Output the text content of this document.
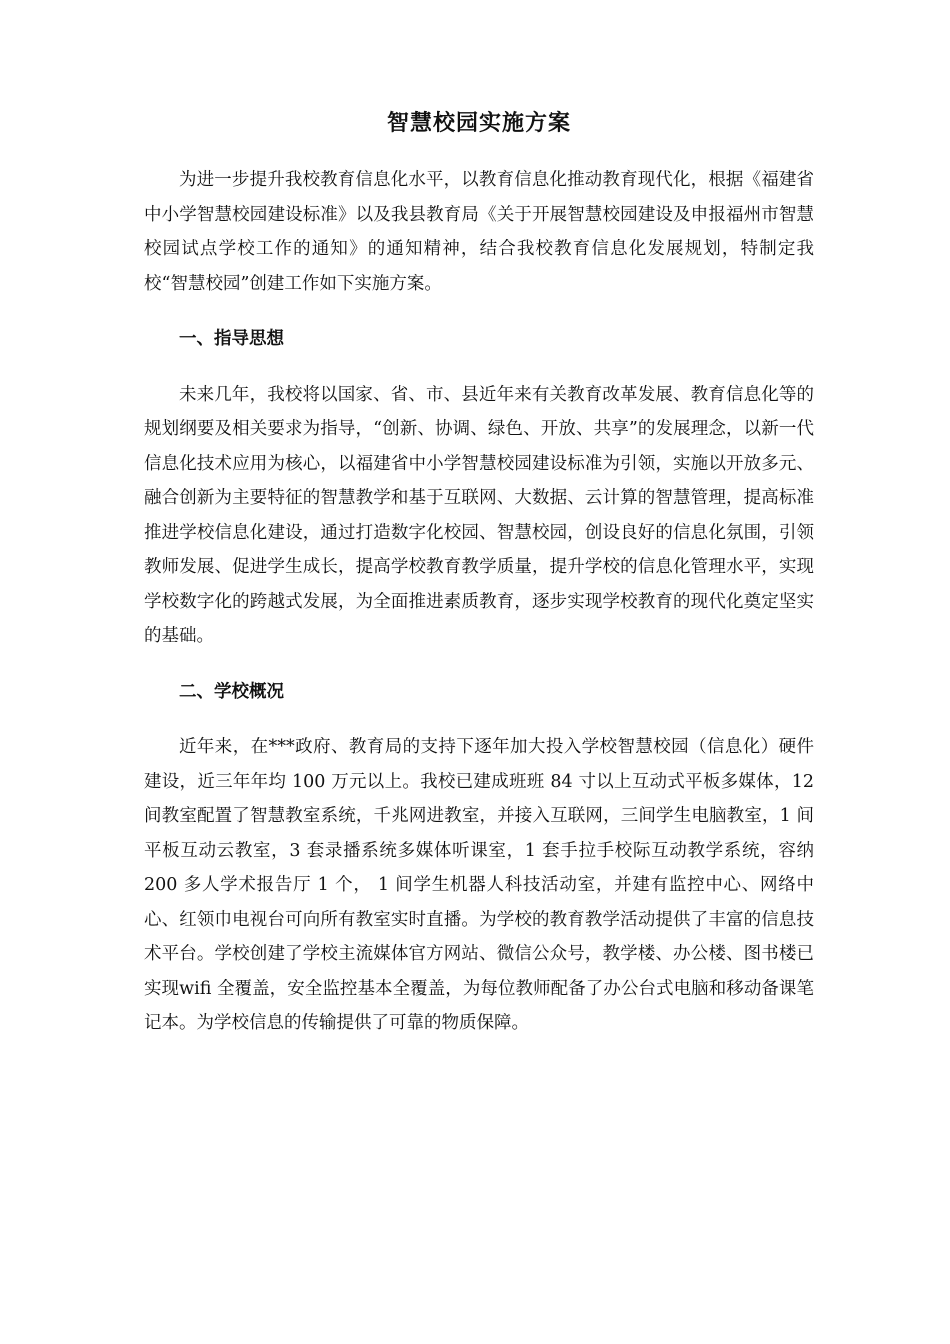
智慧校园实施方案

为进一步提升我校教育信息化水平，以教育信息化推动教育现代化，根据《福建省中小学智慧校园建设标准》以及我县教育局《关于开展智慧校园建设及申报福州市智慧校园试点学校工作的通知》的通知精神，结合我校教育信息化发展规划，特制定我校“智慧校园”创建工作如下实施方案。

一、指导思想

未来几年，我校将以国家、省、市、县近年来有关教育改革发展、教育信息化等的规划纲要及相关要求为指导，“创新、协调、绿色、开放、共享”的发展理念，以新一代信息化技术应用为核心，以福建省中小学智慧校园建设标准为引领，实施以开放多元、融合创新为主要特征的智慧教学和基于互联网、大数据、云计算的智慧管理，提高标准推进学校信息化建设，通过打造数字化校园、智慧校园，创设良好的信息化氛围，引领教师发展、促进学生成长，提高学校教育教学质量，提升学校的信息化管理水平，实现学校数字化的跨越式发展，为全面推进素质教育，逐步实现学校教育的现代化奠定坚实的基础。

二、学校概况

近年来，在***政府、教育局的支持下逐年加大投入学校智慧校园（信息化）硬件建设，近三年年均 100 万元以上。我校已建成班班 84 寸以上互动式平板多媒体，12 间教室配置了智慧教室系统，千兆网进教室，并接入互联网，三间学生电脑教室，1 间平板互动云教室，3 套录播系统多媒体听课室，1 套手拉手校际互动教学系统，容纳 200 多人学术报告厅 1 个， 1 间学生机器人科技活动室，并建有监控中心、网络中心、红领巾电视台可向所有教室实时直播。为学校的教育教学活动提供了丰富的信息技术平台。学校创建了学校主流媒体官方网站、微信公众号，教学楼、办公楼、图书楼已实现wifi 全覆盖，安全监控基本全覆盖，为每位教师配备了办公台式电脑和移动备课笔记本。为学校信息的传输提供了可靠的物质保障。
